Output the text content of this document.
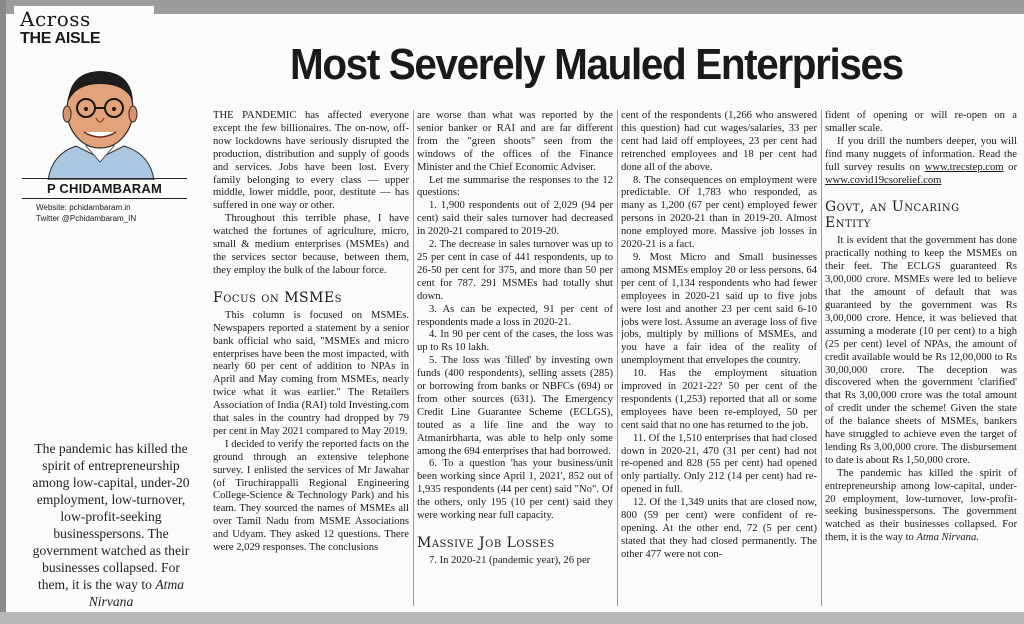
Across
THE AISLE
Most Severely Mauled Enterprises
P CHIDAMBARAM
Website: pchidambaram.in
Twitter @Pchidambaram_IN
The pandemic has killed the spirit of entrepreneurship among low-capital, under-20 employment, low-turnover, low-profit-seeking businesspersons. The government watched as their businesses collapsed. For them, it is the way to Atma Nirvana

THE PANDEMIC has affected everyone except the few billionaires. The on-now, off-now lockdowns have seriously disrupted the production, distribution and supply of goods and services. Jobs have been lost. Every family belonging to every class — upper middle, lower middle, poor, destitute — has suffered in one way or other.

Throughout this terrible phase, I have watched the fortunes of agriculture, micro, small & medium enterprises (MSMEs) and the services sector because, between them, they employ the bulk of the labour force.

Focus on MSMEs

This column is focused on MSMEs. Newspapers reported a statement by a senior bank official who said, "MSMEs and micro enterprises have been the most impacted, with nearly 60 per cent of addition to NPAs in April and May coming from MSMEs, nearly twice what it was earlier." The Retailers Association of India (RAI) told Investing.com that sales in the country had dropped by 79 per cent in May 2021 compared to May 2019.

I decided to verify the reported facts on the ground through an extensive telephone survey. I enlisted the services of Mr Jawahar (of Tiruchirappalli Regional Engineering College-Science & Technology Park) and his team. They sourced the names of MSMEs all over Tamil Nadu from MSME Associations and Udyam. They asked 12 questions. There were 2,029 responses. The conclusions

are worse than what was reported by the senior banker or RAI and are far different from the "green shoots" seen from the windows of the offices of the Finance Minister and the Chief Economic Adviser.

Let me summarise the responses to the 12 questions:

1. 1,900 respondents out of 2,029 (94 per cent) said their sales turnover had decreased in 2020-21 compared to 2019-20.

2. The decrease in sales turnover was up to 25 per cent in case of 441 respondents, up to 26-50 per cent for 375, and more than 50 per cent for 787. 291 MSMEs had totally shut down.

3. As can be expected, 91 per cent of respondents made a loss in 2020-21.

4. In 90 per cent of the cases, the loss was up to Rs 10 lakh.

5. The loss was 'filled' by investing own funds (400 respondents), selling assets (285) or borrowing from banks or NBFCs (694) or from other sources (631). The Emergency Credit Line Guarantee Scheme (ECLGS), touted as a life line and the way to Atmanirbharta, was able to help only some among the 694 enterprises that had borrowed.

6. To a question 'has your business/unit been working since April 1, 2021', 852 out of 1,935 respondents (44 per cent) said "No". Of the others, only 195 (10 per cent) said they were working near full capacity.

Massive Job Losses

7. In 2020-21 (pandemic year), 26 per

cent of the respondents (1,266 who answered this question) had cut wages/salaries, 33 per cent had laid off employees, 23 per cent had retrenched employees and 18 per cent had done all of the above.

8. The consequences on employment were predictable. Of 1,783 who responded, as many as 1,200 (67 per cent) employed fewer persons in 2020-21 than in 2019-20. Almost none employed more. Massive job losses in 2020-21 is a fact.

9. Most Micro and Small businesses among MSMEs employ 20 or less persons. 64 per cent of 1,134 respondents who had fewer employees in 2020-21 said up to five jobs were lost and another 23 per cent said 6-10 jobs were lost. Assume an average loss of five jobs, multiply by millions of MSMEs, and you have a fair idea of the reality of unemployment that envelopes the country.

10. Has the employment situation improved in 2021-22? 50 per cent of the respondents (1,253) reported that all or some employees have been re-employed, 50 per cent said that no one has returned to the job.

11. Of the 1,510 enterprises that had closed down in 2020-21, 470 (31 per cent) had not re-opened and 828 (55 per cent) had opened only partially. Only 212 (14 per cent) had re-opened in full.

12. Of the 1,349 units that are closed now, 800 (59 per cent) were confident of re-opening. At the other end, 72 (5 per cent) stated that they had closed permanently. The other 477 were not con-

fident of opening or will re-open on a smaller scale.

If you drill the numbers deeper, you will find many nuggets of information. Read the full survey results on www.trecstep.com or www.covid19csorelief.com

Govt, an Uncaring
Entity

It is evident that the government has done practically nothing to keep the MSMEs on their feet. The ECLGS guaranteed Rs 3,00,000 crore. MSMEs were led to believe that the amount of default that was guaranteed by the government was Rs 3,00,000 crore. Hence, it was believed that assuming a moderate (10 per cent) to a high (25 per cent) level of NPAs, the amount of credit available would be Rs 12,00,000 to Rs 30,00,000 crore. The deception was discovered when the government 'clarified' that Rs 3,00,000 crore was the total amount of credit under the scheme! Given the state of the balance sheets of MSMEs, bankers have struggled to achieve even the target of lending Rs 3,00,000 crore. The disbursement to date is about Rs 1,50,000 crore.

The pandemic has killed the spirit of entrepreneurship among low-capital, under-20 employment, low-turnover, low-profit-seeking businesspersons. The government watched as their businesses collapsed. For them, it is the way to Atma Nirvana.
